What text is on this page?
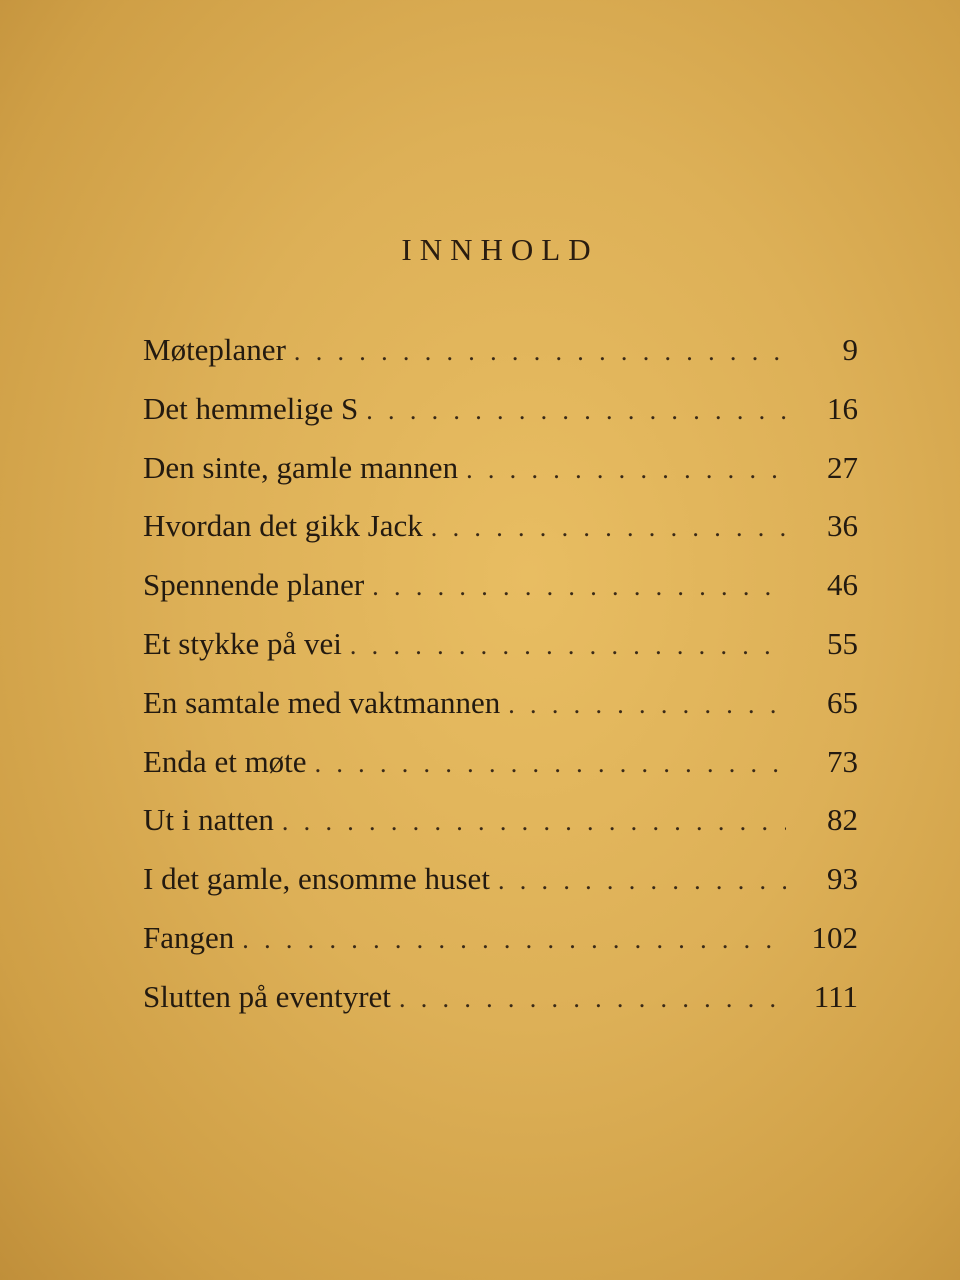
INNHOLD
Møteplaner . . .	9
Det hemmelige S . . .	16
Den sinte, gamle mannen . . .	27
Hvordan det gikk Jack . . .	36
Spennende planer . . .	46
Et stykke på vei . . .	55
En samtale med vaktmannen . . .	65
Enda et møte . . .	73
Ut i natten . . .	82
I det gamle, ensomme huset . . .	93
Fangen . . .	102
Slutten på eventyret . . .	111
